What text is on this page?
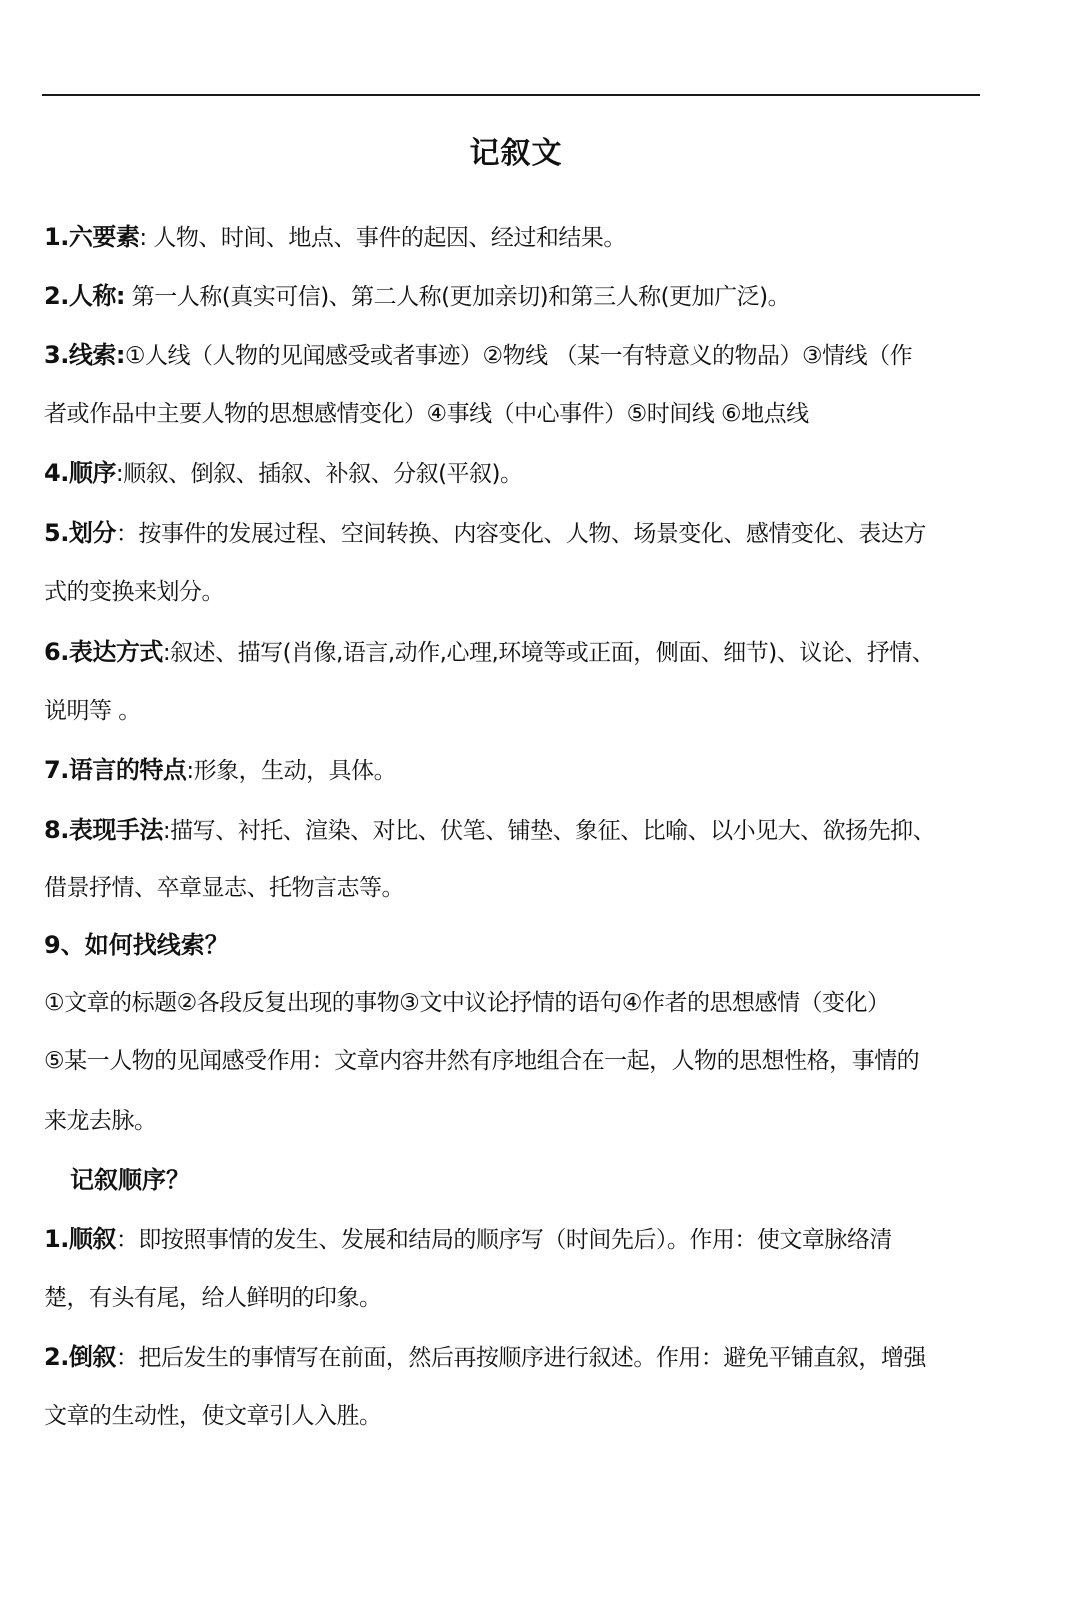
记叙文
1.六要素: 人物、时间、地点、事件的起因、经过和结果。
2.人称: 第一人称(真实可信)、第二人称(更加亲切)和第三人称(更加广泛)。
3.线索:①人线（人物的见闻感受或者事迹）②物线 （某一有特意义的物品）③情线（作
者或作品中主要人物的思想感情变化）④事线（中心事件）⑤时间线 ⑥地点线
4.顺序:顺叙、倒叙、插叙、补叙、分叙(平叙)。
5.划分：按事件的发展过程、空间转换、内容变化、人物、场景变化、感情变化、表达方
式的变换来划分。
6.表达方式:叙述、描写(肖像,语言,动作,心理,环境等或正面，侧面、细节)、议论、抒情、
说明等 。
7.语言的特点:形象，生动，具体。
8.表现手法:描写、衬托、渲染、对比、伏笔、铺垫、象征、比喻、以小见大、欲扬先抑、
借景抒情、卒章显志、托物言志等。
9、如何找线索？
①文章的标题②各段反复出现的事物③文中议论抒情的语句④作者的思想感情（变化）
⑤某一人物的见闻感受作用：文章内容井然有序地组合在一起，人物的思想性格，事情的
来龙去脉。
记叙顺序？
1.顺叙：即按照事情的发生、发展和结局的顺序写（时间先后）。作用：使文章脉络清
楚，有头有尾，给人鲜明的印象。
2.倒叙：把后发生的事情写在前面，然后再按顺序进行叙述。作用：避免平铺直叙，增强
文章的生动性，使文章引人入胜。
